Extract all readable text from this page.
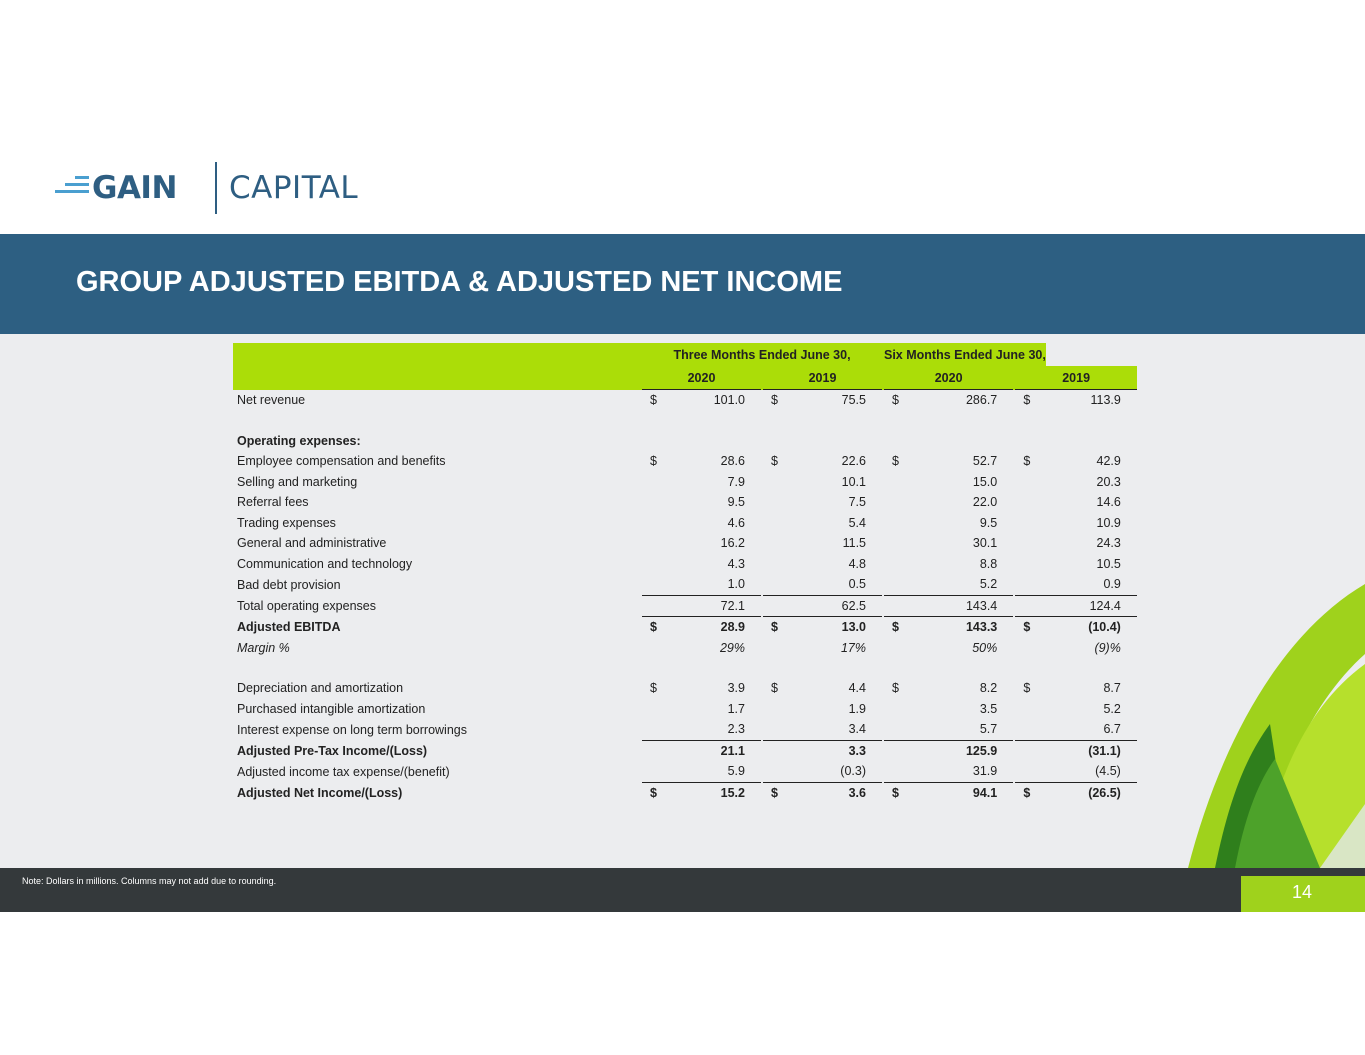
GAIN CAPITAL
GROUP ADJUSTED EBITDA & ADJUSTED NET INCOME
	Three Months Ended June 30,						Six Months Ended June 30,				
	2020			2019			2020			2019	
Net revenue	$	101.0		$	75.5		$	286.7		$	113.9

Operating expenses:											
Employee compensation and benefits	$	28.6		$	22.6		$	52.7		$	42.9
Selling and marketing		7.9			10.1			15.0			20.3
Referral fees		9.5			7.5			22.0			14.6
Trading expenses		4.6			5.4			9.5			10.9
General and administrative		16.2			11.5			30.1			24.3
Communication and technology		4.3			4.8			8.8			10.5
Bad debt provision		1.0			0.5			5.2			0.9
Total operating expenses		72.1			62.5			143.4			124.4
Adjusted EBITDA	$	28.9		$	13.0		$	143.3		$	(10.4)
Margin %		29%			17%			50%			(9)%

Depreciation and amortization	$	3.9		$	4.4		$	8.2		$	8.7
Purchased intangible amortization		1.7			1.9			3.5			5.2
Interest expense on long term borrowings		2.3			3.4			5.7			6.7
Adjusted Pre-Tax Income/(Loss)		21.1			3.3			125.9			(31.1)
Adjusted income tax expense/(benefit)		5.9			(0.3)			31.9			(4.5)
Adjusted Net Income/(Loss)	$	15.2		$	3.6		$	94.1		$	(26.5)
Note: Dollars in millions. Columns may not add due to rounding.
14
